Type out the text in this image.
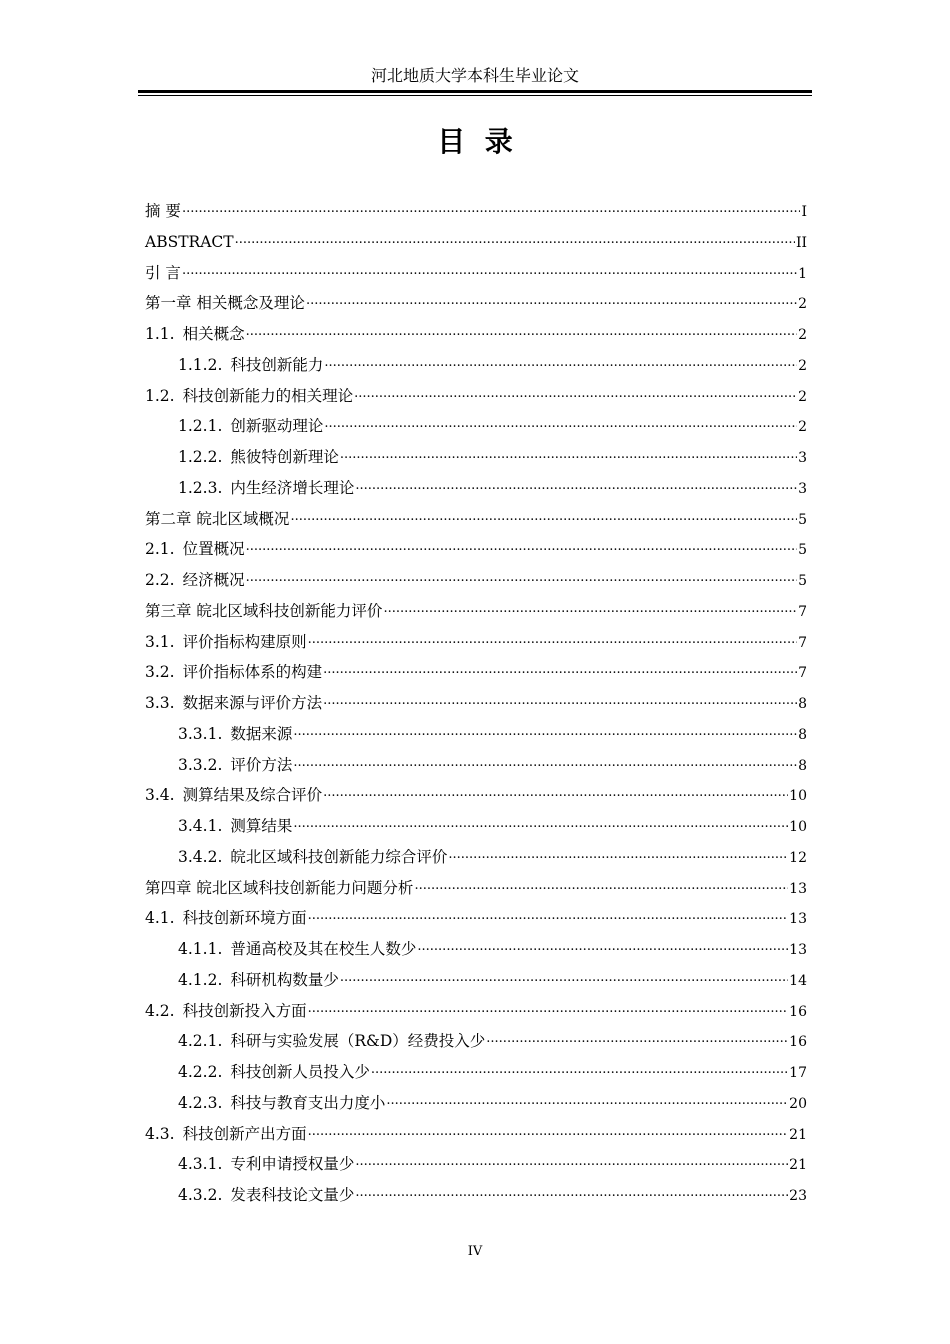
河北地质大学本科生毕业论文
目  录
摘 要 .....	I
ABSTRACT .....	II
引 言 .....	1
第一章 相关概念及理论 .....	2
1.1. 相关概念 .....	2
1.1.2. 科技创新能力 .....	2
1.2. 科技创新能力的相关理论 .....	2
1.2.1. 创新驱动理论 .....	2
1.2.2. 熊彼特创新理论 .....	3
1.2.3. 内生经济增长理论 .....	3
第二章 皖北区域概况 .....	5
2.1. 位置概况 .....	5
2.2. 经济概况 .....	5
第三章 皖北区域科技创新能力评价 .....	7
3.1. 评价指标构建原则 .....	7
3.2. 评价指标体系的构建 .....	7
3.3. 数据来源与评价方法 .....	8
3.3.1. 数据来源 .....	8
3.3.2. 评价方法 .....	8
3.4. 测算结果及综合评价 .....	10
3.4.1. 测算结果 .....	10
3.4.2. 皖北区域科技创新能力综合评价 .....	12
第四章 皖北区域科技创新能力问题分析 .....	13
4.1. 科技创新环境方面 .....	13
4.1.1. 普通高校及其在校生人数少 .....	13
4.1.2. 科研机构数量少 .....	14
4.2. 科技创新投入方面 .....	16
4.2.1. 科研与实验发展（R&D）经费投入少 .....	16
4.2.2. 科技创新人员投入少 .....	17
4.2.3. 科技与教育支出力度小 .....	20
4.3. 科技创新产出方面 .....	21
4.3.1. 专利申请授权量少 .....	21
4.3.2. 发表科技论文量少 .....	23
IV
